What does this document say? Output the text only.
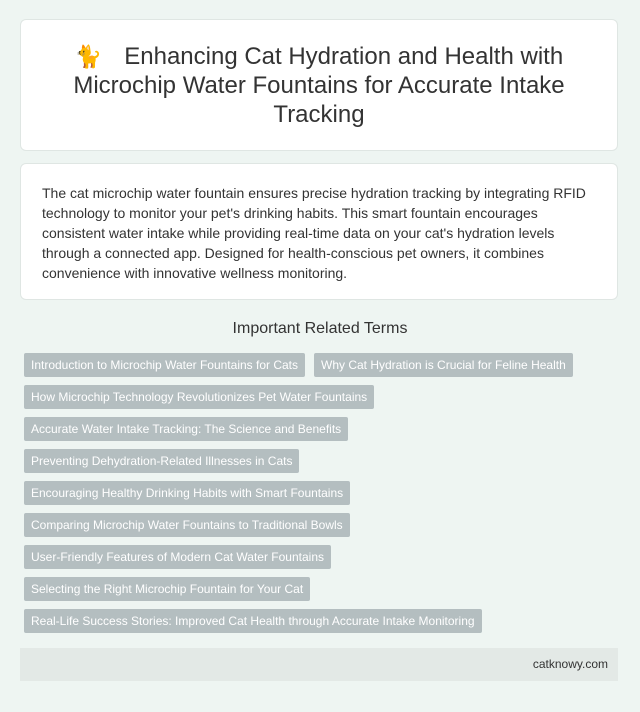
🐈 Enhancing Cat Hydration and Health with Microchip Water Fountains for Accurate Intake Tracking

The cat microchip water fountain ensures precise hydration tracking by integrating RFID technology to monitor your pet's drinking habits. This smart fountain encourages consistent water intake while providing real-time data on your cat's hydration levels through a connected app. Designed for health-conscious pet owners, it combines convenience with innovative wellness monitoring.

Important Related Terms
Introduction to Microchip Water Fountains for Cats	Why Cat Hydration is Crucial for Feline Health
How Microchip Technology Revolutionizes Pet Water Fountains
Accurate Water Intake Tracking: The Science and Benefits
Preventing Dehydration-Related Illnesses in Cats
Encouraging Healthy Drinking Habits with Smart Fountains
Comparing Microchip Water Fountains to Traditional Bowls
User-Friendly Features of Modern Cat Water Fountains
Selecting the Right Microchip Fountain for Your Cat
Real-Life Success Stories: Improved Cat Health through Accurate Intake Monitoring
catknowy.com
